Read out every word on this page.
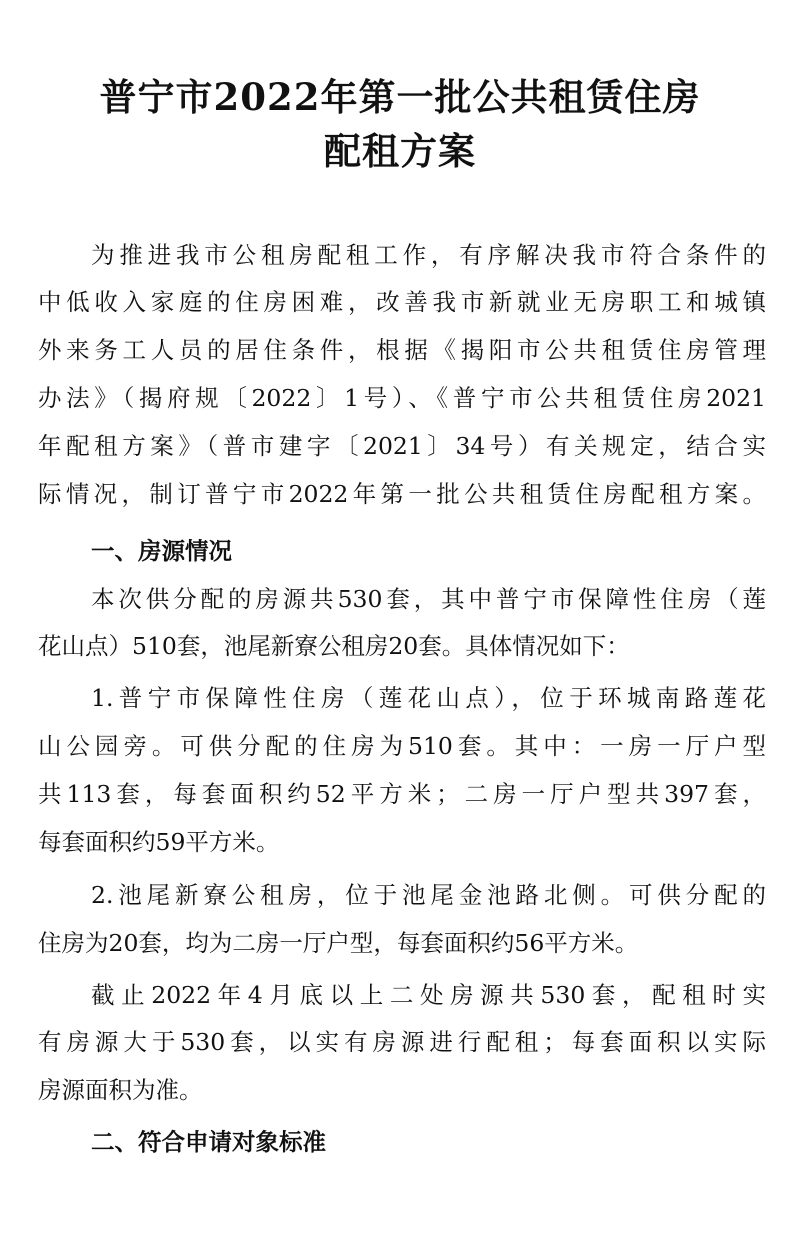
普宁市2022年第一批公共租赁住房
配租方案
为推进我市公租房配租工作，有序解决我市符合条件的
中低收入家庭的住房困难，改善我市新就业无房职工和城镇
外来务工人员的居住条件，根据《揭阳市公共租赁住房管理
办法》（揭府规〔2022〕1号）、《普宁市公共租赁住房2021
年配租方案》（普市建字〔2021〕34号）有关规定，结合实
际情况，制订普宁市2022年第一批公共租赁住房配租方案。
一、房源情况
本次供分配的房源共530套，其中普宁市保障性住房（莲
花山点）510套，池尾新寮公租房20套。具体情况如下：
1.普宁市保障性住房（莲花山点），位于环城南路莲花
山公园旁。可供分配的住房为510套。其中：一房一厅户型
共113套，每套面积约52平方米；二房一厅户型共397套，
每套面积约59平方米。
2.池尾新寮公租房，位于池尾金池路北侧。可供分配的
住房为20套，均为二房一厅户型，每套面积约56平方米。
截止2022年4月底以上二处房源共530套，配租时实
有房源大于530套，以实有房源进行配租；每套面积以实际
房源面积为准。
二、符合申请对象标准
